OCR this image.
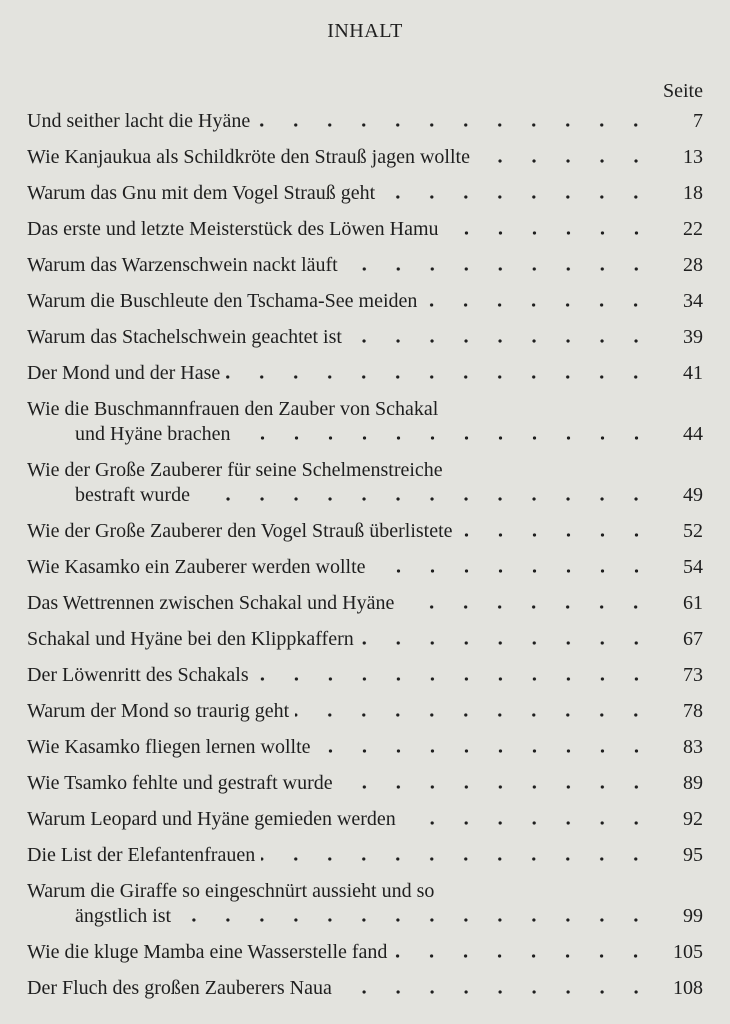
INHALT
Seite
Und seither lacht die Hyäne	7
Wie Kanjaukua als Schildkröte den Strauß jagen wollte	13
Warum das Gnu mit dem Vogel Strauß geht	18
Das erste und letzte Meisterstück des Löwen Hamu	22
Warum das Warzenschwein nackt läuft	28
Warum die Buschleute den Tschama-See meiden	34
Warum das Stachelschwein geachtet ist	39
Der Mond und der Hase	41
Wie die Buschmannfrauen den Zauber von Schakal
und Hyäne brachen	44
Wie der Große Zauberer für seine Schelmenstreiche
bestraft wurde	49
Wie der Große Zauberer den Vogel Strauß überlistete	52
Wie Kasamko ein Zauberer werden wollte	54
Das Wettrennen zwischen Schakal und Hyäne	61
Schakal und Hyäne bei den Klippkaffern	67
Der Löwenritt des Schakals	73
Warum der Mond so traurig geht	78
Wie Kasamko fliegen lernen wollte	83
Wie Tsamko fehlte und gestraft wurde	89
Warum Leopard und Hyäne gemieden werden	92
Die List der Elefantenfrauen	95
Warum die Giraffe so eingeschnürt aussieht und so
ängstlich ist	99
Wie die kluge Mamba eine Wasserstelle fand	105
Der Fluch des großen Zauberers Naua	108
